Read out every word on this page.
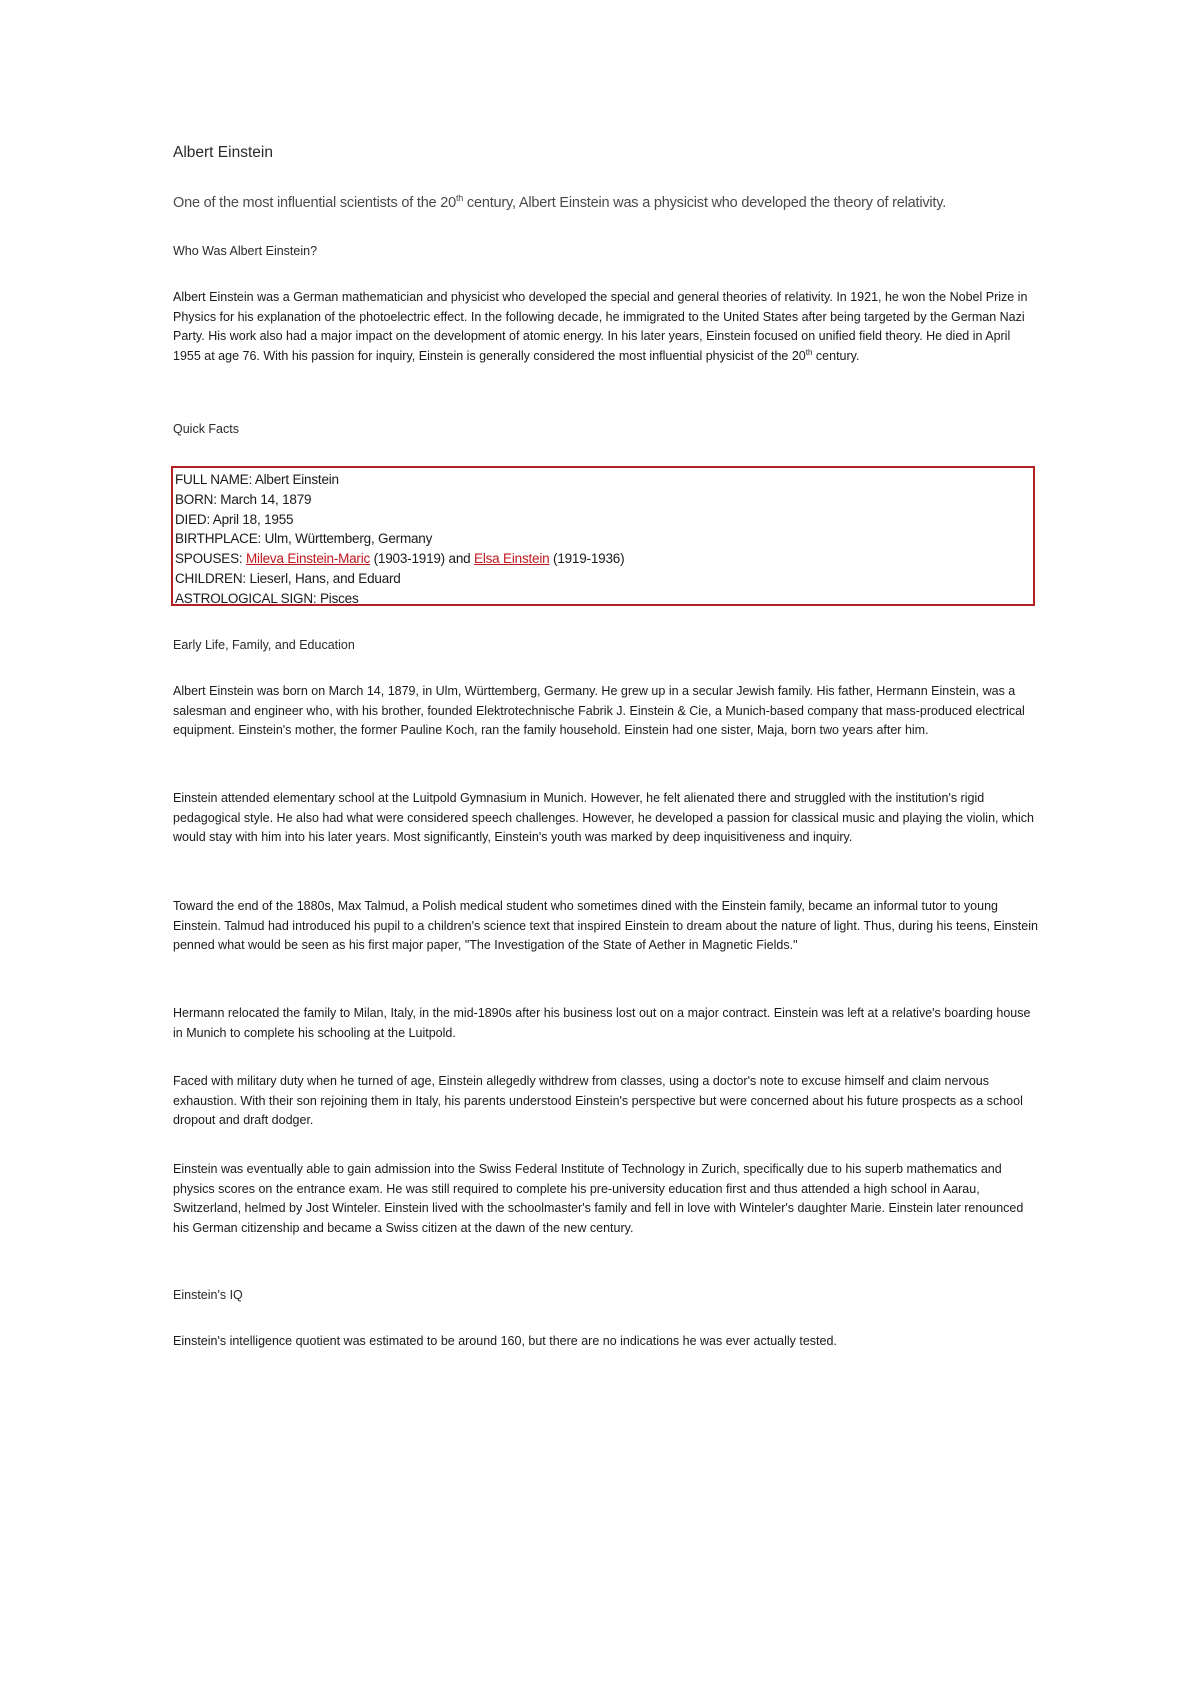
Albert Einstein
One of the most influential scientists of the 20th century, Albert Einstein was a physicist who developed the theory of relativity.
Who Was Albert Einstein?
Albert Einstein was a German mathematician and physicist who developed the special and general theories of relativity. In 1921, he won the Nobel Prize in Physics for his explanation of the photoelectric effect. In the following decade, he immigrated to the United States after being targeted by the German Nazi Party. His work also had a major impact on the development of atomic energy. In his later years, Einstein focused on unified field theory. He died in April 1955 at age 76. With his passion for inquiry, Einstein is generally considered the most influential physicist of the 20th century.
Quick Facts
FULL NAME: Albert Einstein
BORN: March 14, 1879
DIED: April 18, 1955
BIRTHPLACE: Ulm, Württemberg, Germany
SPOUSES: Mileva Einstein-Maric (1903-1919) and Elsa Einstein (1919-1936)
CHILDREN: Lieserl, Hans, and Eduard
ASTROLOGICAL SIGN: Pisces
Early Life, Family, and Education
Albert Einstein was born on March 14, 1879, in Ulm, Württemberg, Germany. He grew up in a secular Jewish family. His father, Hermann Einstein, was a salesman and engineer who, with his brother, founded Elektrotechnische Fabrik J. Einstein & Cie, a Munich-based company that mass-produced electrical equipment. Einstein's mother, the former Pauline Koch, ran the family household. Einstein had one sister, Maja, born two years after him.
Einstein attended elementary school at the Luitpold Gymnasium in Munich. However, he felt alienated there and struggled with the institution's rigid pedagogical style. He also had what were considered speech challenges. However, he developed a passion for classical music and playing the violin, which would stay with him into his later years. Most significantly, Einstein's youth was marked by deep inquisitiveness and inquiry.
Toward the end of the 1880s, Max Talmud, a Polish medical student who sometimes dined with the Einstein family, became an informal tutor to young Einstein. Talmud had introduced his pupil to a children's science text that inspired Einstein to dream about the nature of light. Thus, during his teens, Einstein penned what would be seen as his first major paper, "The Investigation of the State of Aether in Magnetic Fields."
Hermann relocated the family to Milan, Italy, in the mid-1890s after his business lost out on a major contract. Einstein was left at a relative's boarding house in Munich to complete his schooling at the Luitpold.
Faced with military duty when he turned of age, Einstein allegedly withdrew from classes, using a doctor's note to excuse himself and claim nervous exhaustion. With their son rejoining them in Italy, his parents understood Einstein's perspective but were concerned about his future prospects as a school dropout and draft dodger.
Einstein was eventually able to gain admission into the Swiss Federal Institute of Technology in Zurich, specifically due to his superb mathematics and physics scores on the entrance exam. He was still required to complete his pre-university education first and thus attended a high school in Aarau, Switzerland, helmed by Jost Winteler. Einstein lived with the schoolmaster's family and fell in love with Winteler's daughter Marie. Einstein later renounced his German citizenship and became a Swiss citizen at the dawn of the new century.
Einstein's IQ
Einstein's intelligence quotient was estimated to be around 160, but there are no indications he was ever actually tested.
